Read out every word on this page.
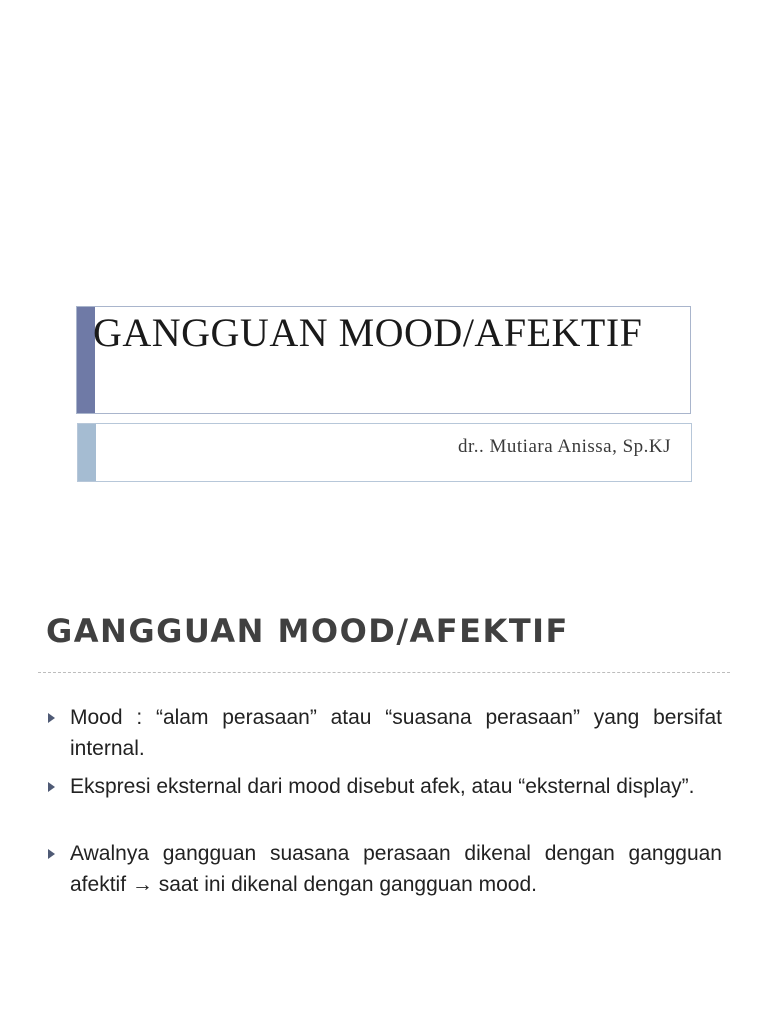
GANGGUAN MOOD/AFEKTIF
dr.. Mutiara Anissa, Sp.KJ
GANGGUAN MOOD/AFEKTIF
Mood : “alam perasaan” atau “suasana perasaan” yang bersifat internal.
Ekspresi eksternal dari mood disebut afek, atau “eksternal display”.
Awalnya gangguan suasana perasaan dikenal dengan gangguan afektif → saat ini dikenal dengan gangguan mood.
